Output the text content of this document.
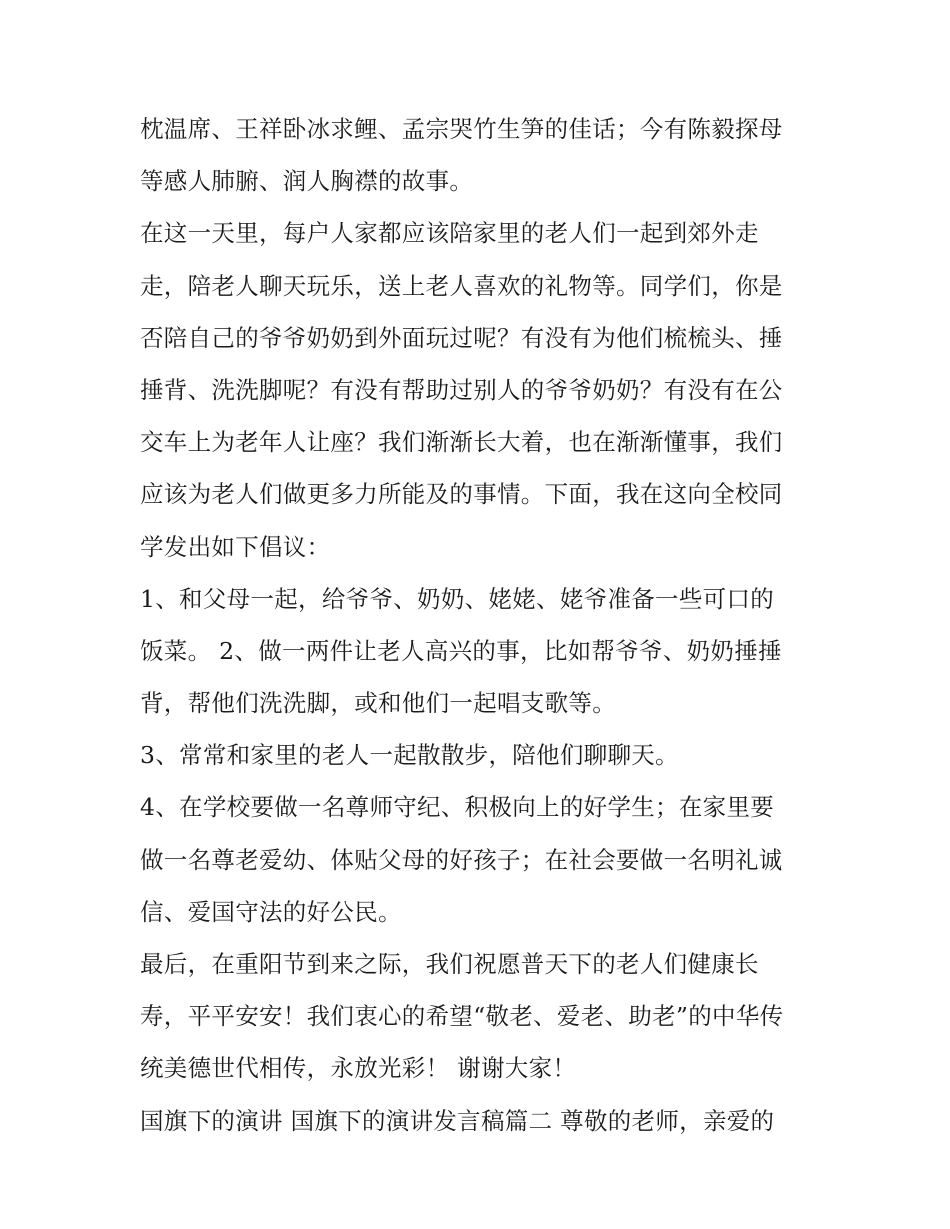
枕温席、王祥卧冰求鲤、孟宗哭竹生笋的佳话；今有陈毅探母
等感人肺腑、润人胸襟的故事。
在这一天里，每户人家都应该陪家里的老人们一起到郊外走
走，陪老人聊天玩乐，送上老人喜欢的礼物等。同学们，你是
否陪自己的爷爷奶奶到外面玩过呢？有没有为他们梳梳头、捶
捶背、洗洗脚呢？有没有帮助过别人的爷爷奶奶？有没有在公
交车上为老年人让座？我们渐渐长大着，也在渐渐懂事，我们
应该为老人们做更多力所能及的事情。下面，我在这向全校同
学发出如下倡议：
1、和父母一起，给爷爷、奶奶、姥姥、姥爷准备一些可口的
饭菜。 2、做一两件让老人高兴的事，比如帮爷爷、奶奶捶捶
背，帮他们洗洗脚，或和他们一起唱支歌等。
3、常常和家里的老人一起散散步，陪他们聊聊天。
4、在学校要做一名尊师守纪、积极向上的好学生；在家里要
做一名尊老爱幼、体贴父母的好孩子；在社会要做一名明礼诚
信、爱国守法的好公民。
最后，在重阳节到来之际，我们祝愿普天下的老人们健康长
寿，平平安安！我们衷心的希望“敬老、爱老、助老”的中华传
统美德世代相传，永放光彩！ 谢谢大家！
国旗下的演讲 国旗下的演讲发言稿篇二 尊敬的老师，亲爱的
